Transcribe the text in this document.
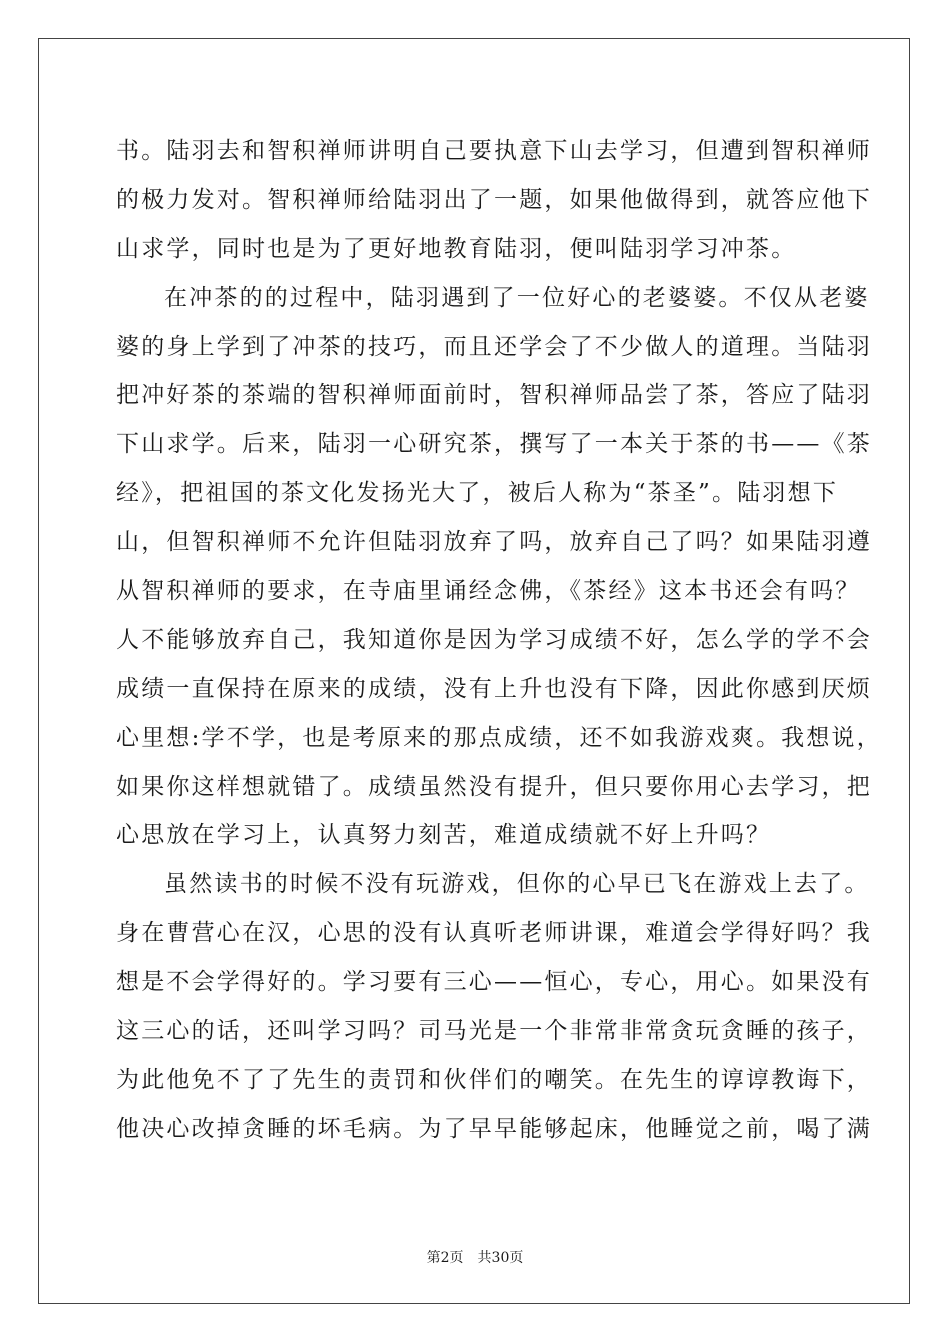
书。陆羽去和智积禅师讲明自己要执意下山去学习，但遭到智积禅师
的极力发对。智积禅师给陆羽出了一题，如果他做得到，就答应他下
山求学，同时也是为了更好地教育陆羽，便叫陆羽学习冲茶。
在冲茶的的过程中，陆羽遇到了一位好心的老婆婆。不仅从老婆
婆的身上学到了冲茶的技巧，而且还学会了不少做人的道理。当陆羽
把冲好茶的茶端的智积禅师面前时，智积禅师品尝了茶，答应了陆羽
下山求学。后来，陆羽一心研究茶，撰写了一本关于茶的书——《茶
经》，把祖国的茶文化发扬光大了，被后人称为“茶圣”。陆羽想下
山，但智积禅师不允许但陆羽放弃了吗，放弃自己了吗？如果陆羽遵
从智积禅师的要求，在寺庙里诵经念佛，《茶经》这本书还会有吗？
人不能够放弃自己，我知道你是因为学习成绩不好，怎么学的学不会
成绩一直保持在原来的成绩，没有上升也没有下降，因此你感到厌烦
心里想:学不学，也是考原来的那点成绩，还不如我游戏爽。我想说，
如果你这样想就错了。成绩虽然没有提升，但只要你用心去学习，把
心思放在学习上，认真努力刻苦，难道成绩就不好上升吗？
虽然读书的时候不没有玩游戏，但你的心早已飞在游戏上去了。
身在曹营心在汉，心思的没有认真听老师讲课，难道会学得好吗？我
想是不会学得好的。学习要有三心——恒心，专心，用心。如果没有
这三心的话，还叫学习吗？司马光是一个非常非常贪玩贪睡的孩子，
为此他免不了了先生的责罚和伙伴们的嘲笑。在先生的谆谆教诲下，
他决心改掉贪睡的坏毛病。为了早早能够起床，他睡觉之前，喝了满
第2页 共30页
